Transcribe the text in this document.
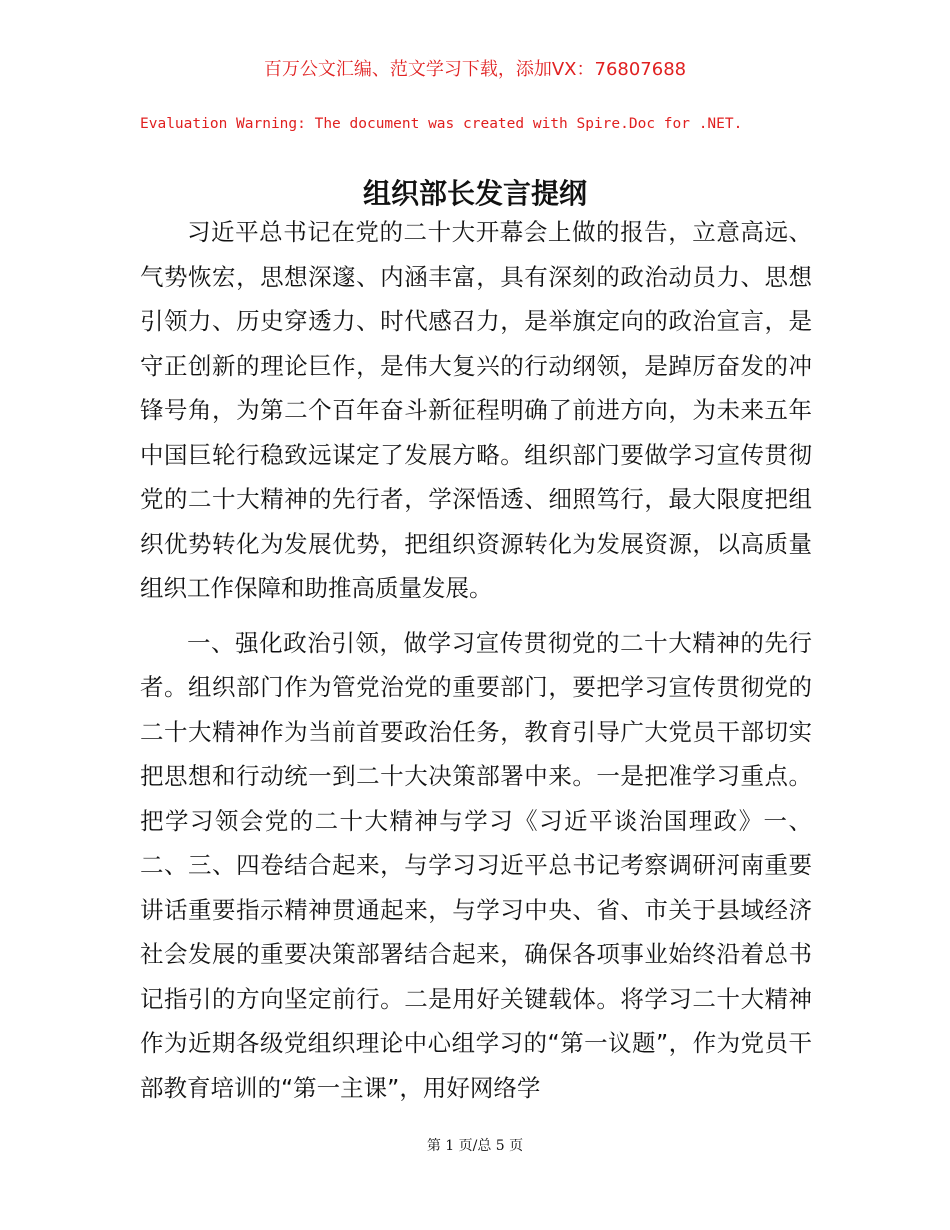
百万公文汇编、范文学习下载，添加VX：76807688
Evaluation Warning: The document was created with Spire.Doc for .NET.
组织部长发言提纲

习近平总书记在党的二十大开幕会上做的报告，立意高远、气势恢宏，思想深邃、内涵丰富，具有深刻的政治动员力、思想引领力、历史穿透力、时代感召力，是举旗定向的政治宣言，是守正创新的理论巨作，是伟大复兴的行动纲领，是踔厉奋发的冲锋号角，为第二个百年奋斗新征程明确了前进方向，为未来五年中国巨轮行稳致远谋定了发展方略。组织部门要做学习宣传贯彻党的二十大精神的先行者，学深悟透、细照笃行，最大限度把组织优势转化为发展优势，把组织资源转化为发展资源，以高质量组织工作保障和助推高质量发展。

一、强化政治引领，做学习宣传贯彻党的二十大精神的先行者。组织部门作为管党治党的重要部门，要把学习宣传贯彻党的二十大精神作为当前首要政治任务，教育引导广大党员干部切实把思想和行动统一到二十大决策部署中来。一是把准学习重点。把学习领会党的二十大精神与学习《习近平谈治国理政》一、二、三、四卷结合起来，与学习习近平总书记考察调研河南重要讲话重要指示精神贯通起来，与学习中央、省、市关于县域经济社会发展的重要决策部署结合起来，确保各项事业始终沿着总书记指引的方向坚定前行。二是用好关键载体。将学习二十大精神作为近期各级党组织理论中心组学习的“第一议题”，作为党员干部教育培训的“第一主课”，用好网络学

第 1 页/总 5 页
